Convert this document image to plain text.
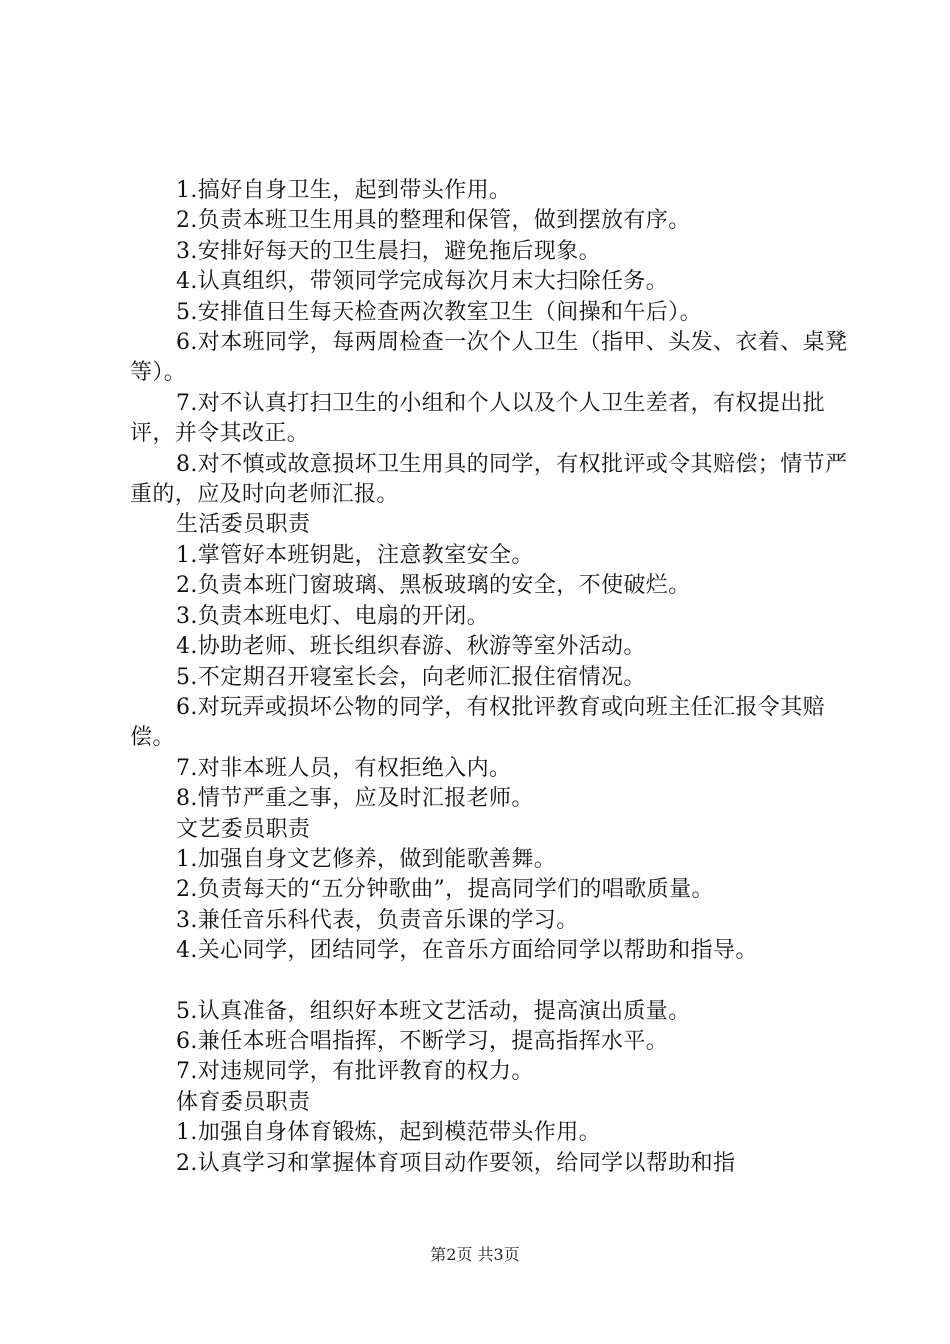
1.搞好自身卫生，起到带头作用。

2.负责本班卫生用具的整理和保管，做到摆放有序。

3.安排好每天的卫生晨扫，避免拖后现象。

4.认真组织，带领同学完成每次月末大扫除任务。

5.安排值日生每天检查两次教室卫生（间操和午后）。

6.对本班同学，每两周检查一次个人卫生（指甲、头发、衣着、桌凳等）。

7.对不认真打扫卫生的小组和个人以及个人卫生差者，有权提出批评，并令其改正。

8.对不慎或故意损坏卫生用具的同学，有权批评或令其赔偿；情节严重的，应及时向老师汇报。

生活委员职责

1.掌管好本班钥匙，注意教室安全。

2.负责本班门窗玻璃、黑板玻璃的安全，不使破烂。

3.负责本班电灯、电扇的开闭。

4.协助老师、班长组织春游、秋游等室外活动。

5.不定期召开寝室长会，向老师汇报住宿情况。

6.对玩弄或损坏公物的同学，有权批评教育或向班主任汇报令其赔偿。

7.对非本班人员，有权拒绝入内。

8.情节严重之事，应及时汇报老师。

文艺委员职责

1.加强自身文艺修养，做到能歌善舞。

2.负责每天的“五分钟歌曲”，提高同学们的唱歌质量。

3.兼任音乐科代表，负责音乐课的学习。

4.关心同学，团结同学，在音乐方面给同学以帮助和指导。

5.认真准备，组织好本班文艺活动，提高演出质量。

6.兼任本班合唱指挥，不断学习，提高指挥水平。

7.对违规同学，有批评教育的权力。

体育委员职责

1.加强自身体育锻炼，起到模范带头作用。

2.认真学习和掌握体育项目动作要领，给同学以帮助和指

第2页 共3页
